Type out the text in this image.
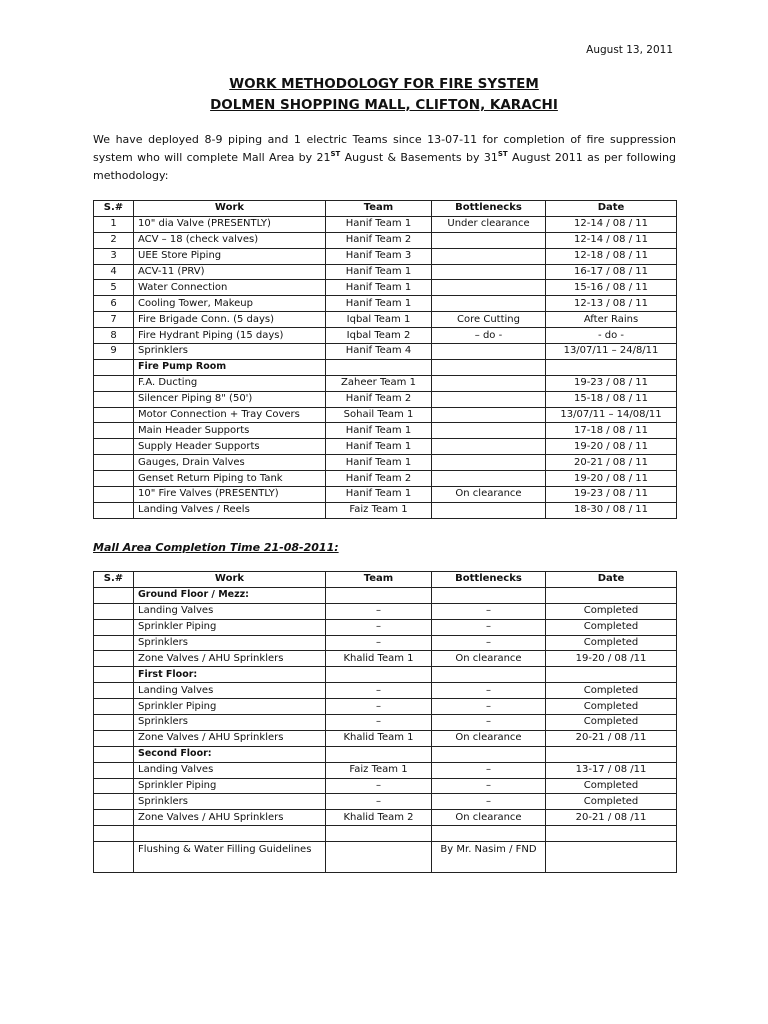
August 13, 2011
WORK METHODOLOGY FOR FIRE SYSTEM
DOLMEN SHOPPING MALL, CLIFTON, KARACHI
We have deployed 8-9 piping and 1 electric Teams since 13-07-11 for completion of fire suppression system who will complete Mall Area by 21ST August & Basements by 31ST August 2011 as per following methodology:
S.#	Work	Team	Bottlenecks	Date
1	10" dia Valve (PRESENTLY)	Hanif Team 1	Under clearance	12-14 / 08 / 11
2	ACV – 18 (check valves)	Hanif Team 2		12-14 / 08 / 11
3	UEE Store Piping	Hanif Team 3		12-18 / 08 / 11
4	ACV-11 (PRV)	Hanif Team 1		16-17 / 08 / 11
5	Water Connection	Hanif Team 1		15-16 / 08 / 11
6	Cooling Tower, Makeup	Hanif Team 1		12-13 / 08 / 11
7	Fire Brigade Conn. (5 days)	Iqbal Team 1	Core Cutting	After Rains
8	Fire Hydrant Piping (15 days)	Iqbal Team 2	– do -	- do -
9	Sprinklers	Hanif Team 4		13/07/11 – 24/8/11
	Fire Pump Room			
	F.A. Ducting	Zaheer Team 1		19-23 / 08 / 11
	Silencer Piping 8" (50')	Hanif Team 2		15-18 / 08 / 11
	Motor Connection + Tray Covers	Sohail Team 1		13/07/11 – 14/08/11
	Main Header Supports	Hanif Team 1		17-18 / 08 / 11
	Supply Header Supports	Hanif Team 1		19-20 / 08 / 11
	Gauges, Drain Valves	Hanif Team 1		20-21 / 08 / 11
	Genset Return Piping to Tank	Hanif Team 2		19-20 / 08 / 11
	10" Fire Valves (PRESENTLY)	Hanif Team 1	On clearance	19-23 / 08 / 11
	Landing Valves / Reels	Faiz Team 1		18-30 / 08 / 11
Mall Area Completion Time 21-08-2011:
S.#	Work	Team	Bottlenecks	Date
	Ground Floor / Mezz:			
	Landing Valves	–	–	Completed
	Sprinkler Piping	–	–	Completed
	Sprinklers	–	–	Completed
	Zone Valves / AHU Sprinklers	Khalid Team 1	On clearance	19-20 / 08 /11
	First Floor:			
	Landing Valves	–	–	Completed
	Sprinkler Piping	–	–	Completed
	Sprinklers	–	–	Completed
	Zone Valves / AHU Sprinklers	Khalid Team 1	On clearance	20-21 / 08 /11
	Second Floor:			
	Landing Valves	Faiz Team 1	–	13-17 / 08 /11
	Sprinkler Piping	–	–	Completed
	Sprinklers	–	–	Completed
	Zone Valves / AHU Sprinklers	Khalid Team 2	On clearance	20-21 / 08 /11

	Flushing & Water Filling Guidelines		By Mr. Nasim / FND	
